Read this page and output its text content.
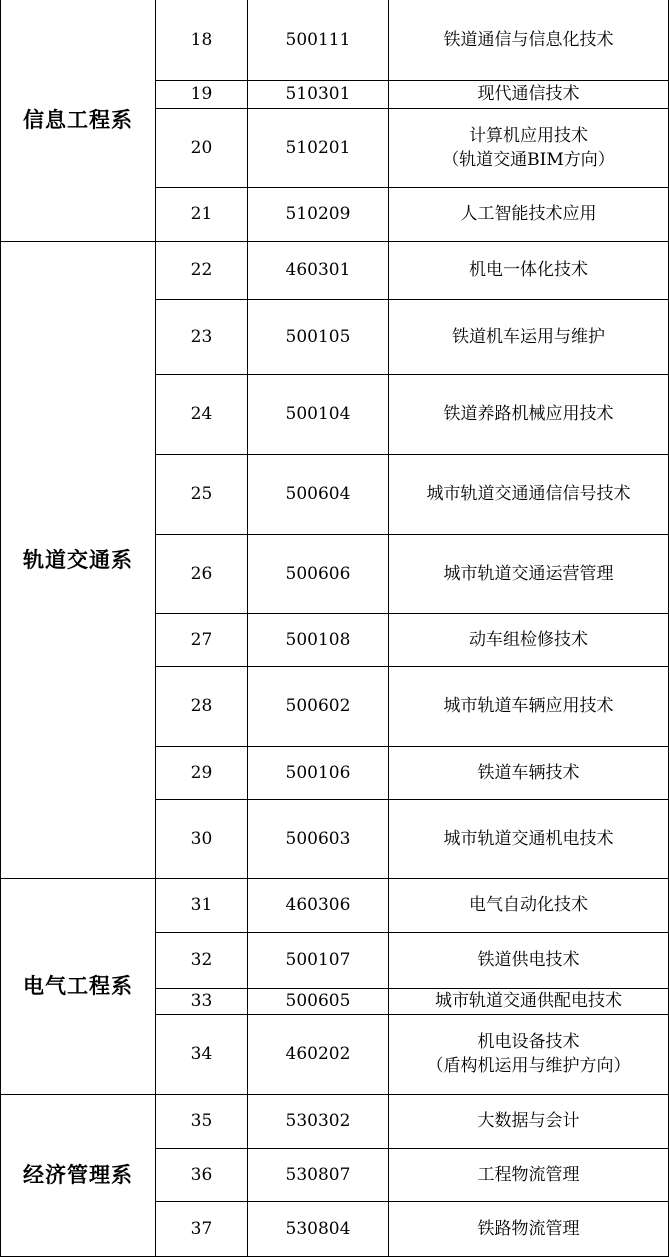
信息工程系	18	500111	铁道通信与信息化技术
	19	510301	现代通信技术
	20	510201	计算机应用技术
（轨道交通BIM方向）
	21	510209	人工智能技术应用
轨道交通系	22	460301	机电一体化技术
	23	500105	铁道机车运用与维护
	24	500104	铁道养路机械应用技术
	25	500604	城市轨道交通通信信号技术
	26	500606	城市轨道交通运营管理
	27	500108	动车组检修技术
	28	500602	城市轨道车辆应用技术
	29	500106	铁道车辆技术
	30	500603	城市轨道交通机电技术
电气工程系	31	460306	电气自动化技术
	32	500107	铁道供电技术
	33	500605	城市轨道交通供配电技术
	34	460202	机电设备技术
（盾构机运用与维护方向）
经济管理系	35	530302	大数据与会计
	36	530807	工程物流管理
	37	530804	铁路物流管理
